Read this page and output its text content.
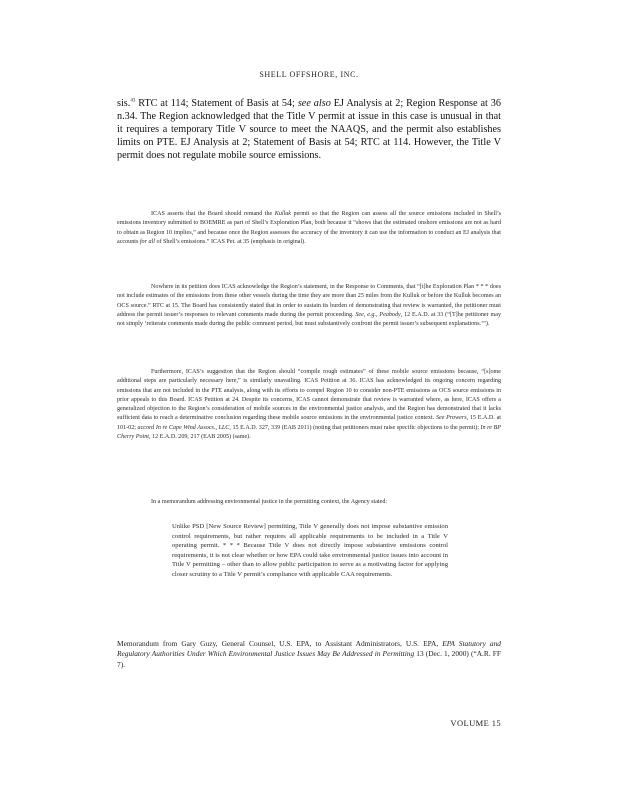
SHELL OFFSHORE, INC.
sis.$^{43}$ RTC at 114; Statement of Basis at 54; see also EJ Analysis at 2; Region Response at 36 n.34. The Region acknowledged that the Title V permit at issue in this case is unusual in that it requires a temporary Title V source to meet the NAAQS, and the permit also establishes limits on PTE. EJ Analysis at 2; Statement of Basis at 54; RTC at 114. However, the Title V permit does not regulate mobile source emissions.
ICAS asserts that the Board should remand the Kulluk permit so that the Region can assess all the source emissions included in Shell’s emissions inventory submitted to BOEMRE as part of Shell’s Exploration Plan, both because it “shows that the estimated onshore emissions are not as hard to obtain as Region 10 implies,” and because once the Region assesses the accuracy of the inventory it can use the information to conduct an EJ analysis that accounts for all of Shell’s emissions.” ICAS Pet. at 35 (emphasis in original).
Nowhere in its petition does ICAS acknowledge the Region’s statement, in the Response to Comments, that “[t]he Exploration Plan * * * does not include estimates of the emissions from these other vessels during the time they are more than 25 miles from the Kulluk or before the Kulluk becomes an OCS source.” RTC at 15. The Board has consistently stated that in order to sustain its burden of demonstrating that review is warranted, the petitioner must address the permit issuer’s responses to relevant comments made during the permit proceeding. See, e.g., Peabody, 12 E.A.D. at 33 (“[T]he petitioner may not simply ‘reiterate comments made during the public comment period, but must substantively confront the permit issuer’s subsequent explanations.’”).
Furthermore, ICAS’s suggestion that the Region should “compile rough estimates” of these mobile source emissions because, “[s]ome additional steps are particularly necessary here,” is similarly unavailing. ICAS Petition at 36. ICAS has acknowledged its ongoing concern regarding emissions that are not included in the PTE analysis, along with its efforts to compel Region 10 to consider non-PTE emissions as OCS source emissions in prior appeals to this Board. ICAS Petition at 24. Despite its concerns, ICAS cannot demonstrate that review is warranted where, as here, ICAS offers a generalized objection to the Region’s consideration of mobile sources in the environmental justice analysis, and the Region has demonstrated that it lacks sufficient data to reach a determinative conclusion regarding these mobile source emissions in the environmental justice context. See Prowers, 15 E.A.D. at 101-02; accord In re Cape Wind Assocs., LLC, 15 E.A.D. 327, 339 (EAB 2011) (noting that petitioners must raise specific objections to the permit); In re BP Cherry Point, 12 E.A.D. 209, 217 (EAB 2005) (same).
In a memorandum addressing environmental justice in the permitting context, the Agency stated:
Unlike PSD [New Source Review] permitting, Title V generally does not impose substantive emission control requirements, but rather requires all applicable requirements to be included in a Title V operating permit. * * * Because Title V does not directly impose substantive emissions control requirements, it is not clear whether or how EPA could take environmental justice issues into account in Title V permitting – other than to allow public participation to serve as a motivating factor for applying closer scrutiny to a Title V permit’s compliance with applicable CAA requirements.
Memorandum from Gary Guzy, General Counsel, U.S. EPA, to Assistant Administrators, U.S. EPA, EPA Statutory and Regulatory Authorities Under Which Environmental Justice Issues May Be Addressed in Permitting 13 (Dec. 1, 2000) (“A.R. FF 7).
VOLUME 15
